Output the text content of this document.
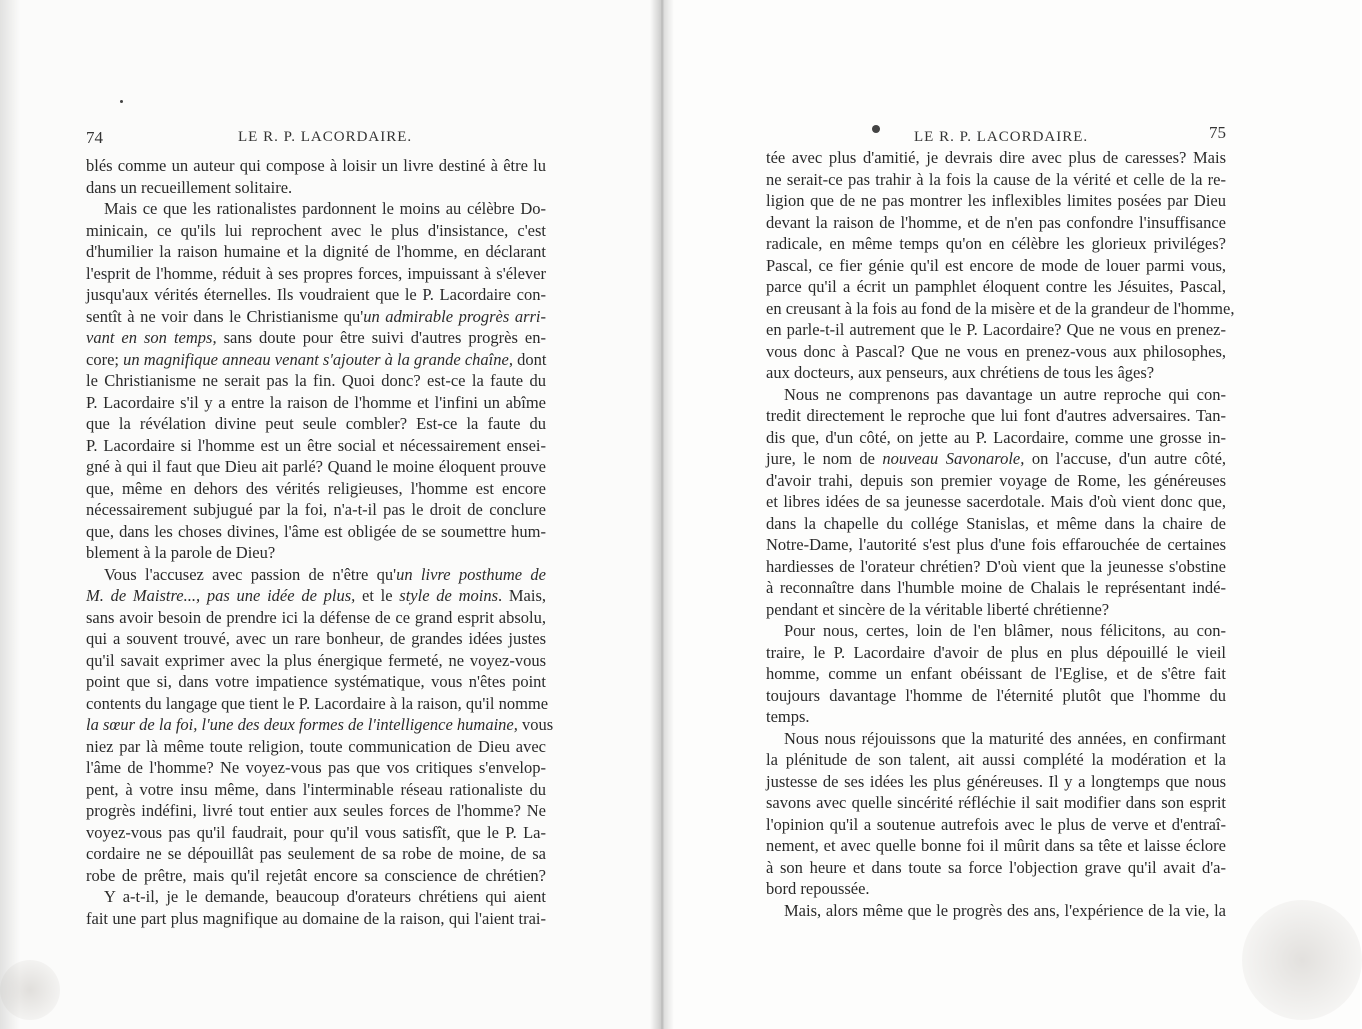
74	LE R. P. LACORDAIRE.
blés comme un auteur qui compose à loisir un livre destiné à être lu
dans un recueillement solitaire.
Mais ce que les rationalistes pardonnent le moins au célèbre Do-
minicain, ce qu'ils lui reprochent avec le plus d'insistance, c'est
d'humilier la raison humaine et la dignité de l'homme, en déclarant
l'esprit de l'homme, réduit à ses propres forces, impuissant à s'élever
jusqu'aux vérités éternelles. Ils voudraient que le P. Lacordaire con-
sentît à ne voir dans le Christianisme qu'un admirable progrès arri-
vant en son temps, sans doute pour être suivi d'autres progrès en-
core; un magnifique anneau venant s'ajouter à la grande chaîne, dont
le Christianisme ne serait pas la fin. Quoi donc? est-ce la faute du
P. Lacordaire s'il y a entre la raison de l'homme et l'infini un abîme
que la révélation divine peut seule combler? Est-ce la faute du
P. Lacordaire si l'homme est un être social et nécessairement ensei-
gné à qui il faut que Dieu ait parlé? Quand le moine éloquent prouve
que, même en dehors des vérités religieuses, l'homme est encore
nécessairement subjugué par la foi, n'a-t-il pas le droit de conclure
que, dans les choses divines, l'âme est obligée de se soumettre hum-
blement à la parole de Dieu?
Vous l'accusez avec passion de n'être qu'un livre posthume de
M. de Maistre..., pas une idée de plus, et le style de moins. Mais,
sans avoir besoin de prendre ici la défense de ce grand esprit absolu,
qui a souvent trouvé, avec un rare bonheur, de grandes idées justes
qu'il savait exprimer avec la plus énergique fermeté, ne voyez-vous
point que si, dans votre impatience systématique, vous n'êtes point
contents du langage que tient le P. Lacordaire à la raison, qu'il nomme
la sœur de la foi, l'une des deux formes de l'intelligence humaine, vous
niez par là même toute religion, toute communication de Dieu avec
l'âme de l'homme? Ne voyez-vous pas que vos critiques s'envelop-
pent, à votre insu même, dans l'interminable réseau rationaliste du
progrès indéfini, livré tout entier aux seules forces de l'homme? Ne
voyez-vous pas qu'il faudrait, pour qu'il vous satisfît, que le P. La-
cordaire ne se dépouillât pas seulement de sa robe de moine, de sa
robe de prêtre, mais qu'il rejetât encore sa conscience de chrétien?
Y a-t-il, je le demande, beaucoup d'orateurs chrétiens qui aient
fait une part plus magnifique au domaine de la raison, qui l'aient trai-
LE R. P. LACORDAIRE.	75
tée avec plus d'amitié, je devrais dire avec plus de caresses? Mais
ne serait-ce pas trahir à la fois la cause de la vérité et celle de la re-
ligion que de ne pas montrer les inflexibles limites posées par Dieu
devant la raison de l'homme, et de n'en pas confondre l'insuffisance
radicale, en même temps qu'on en célèbre les glorieux priviléges?
Pascal, ce fier génie qu'il est encore de mode de louer parmi vous,
parce qu'il a écrit un pamphlet éloquent contre les Jésuites, Pascal,
en creusant à la fois au fond de la misère et de la grandeur de l'homme,
en parle-t-il autrement que le P. Lacordaire? Que ne vous en prenez-
vous donc à Pascal? Que ne vous en prenez-vous aux philosophes,
aux docteurs, aux penseurs, aux chrétiens de tous les âges?
Nous ne comprenons pas davantage un autre reproche qui con-
tredit directement le reproche que lui font d'autres adversaires. Tan-
dis que, d'un côté, on jette au P. Lacordaire, comme une grosse in-
jure, le nom de nouveau Savonarole, on l'accuse, d'un autre côté,
d'avoir trahi, depuis son premier voyage de Rome, les généreuses
et libres idées de sa jeunesse sacerdotale. Mais d'où vient donc que,
dans la chapelle du collége Stanislas, et même dans la chaire de
Notre-Dame, l'autorité s'est plus d'une fois effarouchée de certaines
hardiesses de l'orateur chrétien? D'où vient que la jeunesse s'obstine
à reconnaître dans l'humble moine de Chalais le représentant indé-
pendant et sincère de la véritable liberté chrétienne?
Pour nous, certes, loin de l'en blâmer, nous félicitons, au con-
traire, le P. Lacordaire d'avoir de plus en plus dépouillé le vieil
homme, comme un enfant obéissant de l'Eglise, et de s'être fait
toujours davantage l'homme de l'éternité plutôt que l'homme du
temps.
Nous nous réjouissons que la maturité des années, en confirmant
la plénitude de son talent, ait aussi complété la modération et la
justesse de ses idées les plus généreuses. Il y a longtemps que nous
savons avec quelle sincérité réfléchie il sait modifier dans son esprit
l'opinion qu'il a soutenue autrefois avec le plus de verve et d'entraî-
nement, et avec quelle bonne foi il mûrit dans sa tête et laisse éclore
à son heure et dans toute sa force l'objection grave qu'il avait d'a-
bord repoussée.
Mais, alors même que le progrès des ans, l'expérience de la vie, la
